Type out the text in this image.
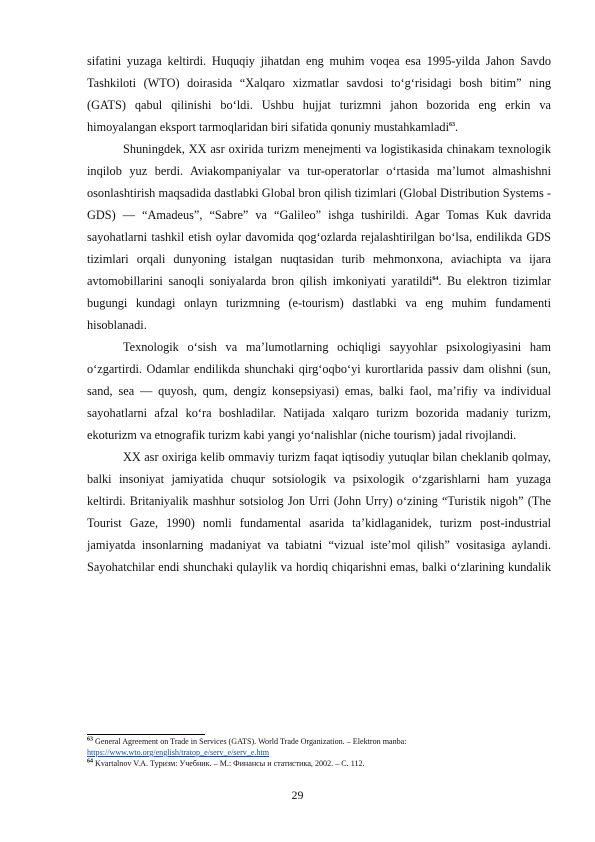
sifatini yuzaga keltirdi. Huquqiy jihatdan eng muhim voqea esa 1995-yilda Jahon Savdo Tashkiloti (WTO) doirasida “Xalqaro xizmatlar savdosi to‘g‘risidagi bosh bitim” ning (GATS) qabul qilinishi bo‘ldi. Ushbu hujjat turizmni jahon bozorida eng erkin va himoyalangan eksport tarmoqlaridan biri sifatida qonuniy mustahkamladi$^{63}$.

Shuningdek, XX asr oxirida turizm menejmenti va logistikasida chinakam texnologik inqilob yuz berdi. Aviakompaniyalar va tur-operatorlar o‘rtasida ma’lumot almashishni osonlashtirish maqsadida dastlabki Global bron qilish tizimlari (Global Distribution Systems - GDS) — “Amadeus”, “Sabre” va “Galileo” ishga tushirildi. Agar Tomas Kuk davrida sayohatlarni tashkil etish oylar davomida qog‘ozlarda rejalashtirilgan bo‘lsa, endilikda GDS tizimlari orqali dunyoning istalgan nuqtasidan turib mehmonxona, aviachipta va ijara avtomobillarini sanoqli soniyalarda bron qilish imkoniyati yaratildi$^{64}$. Bu elektron tizimlar bugungi kundagi onlayn turizmning (e-tourism) dastlabki va eng muhim fundamenti hisoblanadi.

Texnologik o‘sish va ma’lumotlarning ochiqligi sayyohlar psixologiyasini ham o‘zgartirdi. Odamlar endilikda shunchaki qirg‘oqbo‘yi kurortlarida passiv dam olishni (sun, sand, sea — quyosh, qum, dengiz konsepsiyasi) emas, balki faol, ma’rifiy va individual sayohatlarni afzal ko‘ra boshladilar. Natijada xalqaro turizm bozorida madaniy turizm, ekoturizm va etnografik turizm kabi yangi yo‘nalishlar (niche tourism) jadal rivojlandi.

XX asr oxiriga kelib ommaviy turizm faqat iqtisodiy yutuqlar bilan cheklanib qolmay, balki insoniyat jamiyatida chuqur sotsiologik va psixologik o‘zgarishlarni ham yuzaga keltirdi. Britaniyalik mashhur sotsiolog Jon Urri (John Urry) o‘zining “Turistik nigoh” (The Tourist Gaze, 1990) nomli fundamental asarida ta’kidlaganidek, turizm post-industrial jamiyatda insonlarning madaniyat va tabiatni “vizual iste’mol qilish” vositasiga aylandi. Sayohatchilar endi shunchaki qulaylik va hordiq chiqarishni emas, balki o‘zlarining kundalik

$^{63}$ General Agreement on Trade in Services (GATS). World Trade Organization. – Elektron manba:
https://www.wto.org/english/tratop_e/serv_e/serv_e.htm

$^{64}$ Kvartalnov V.A. Туризм: Учебник. – М.: Финансы и статистика, 2002. – С. 112.

29
